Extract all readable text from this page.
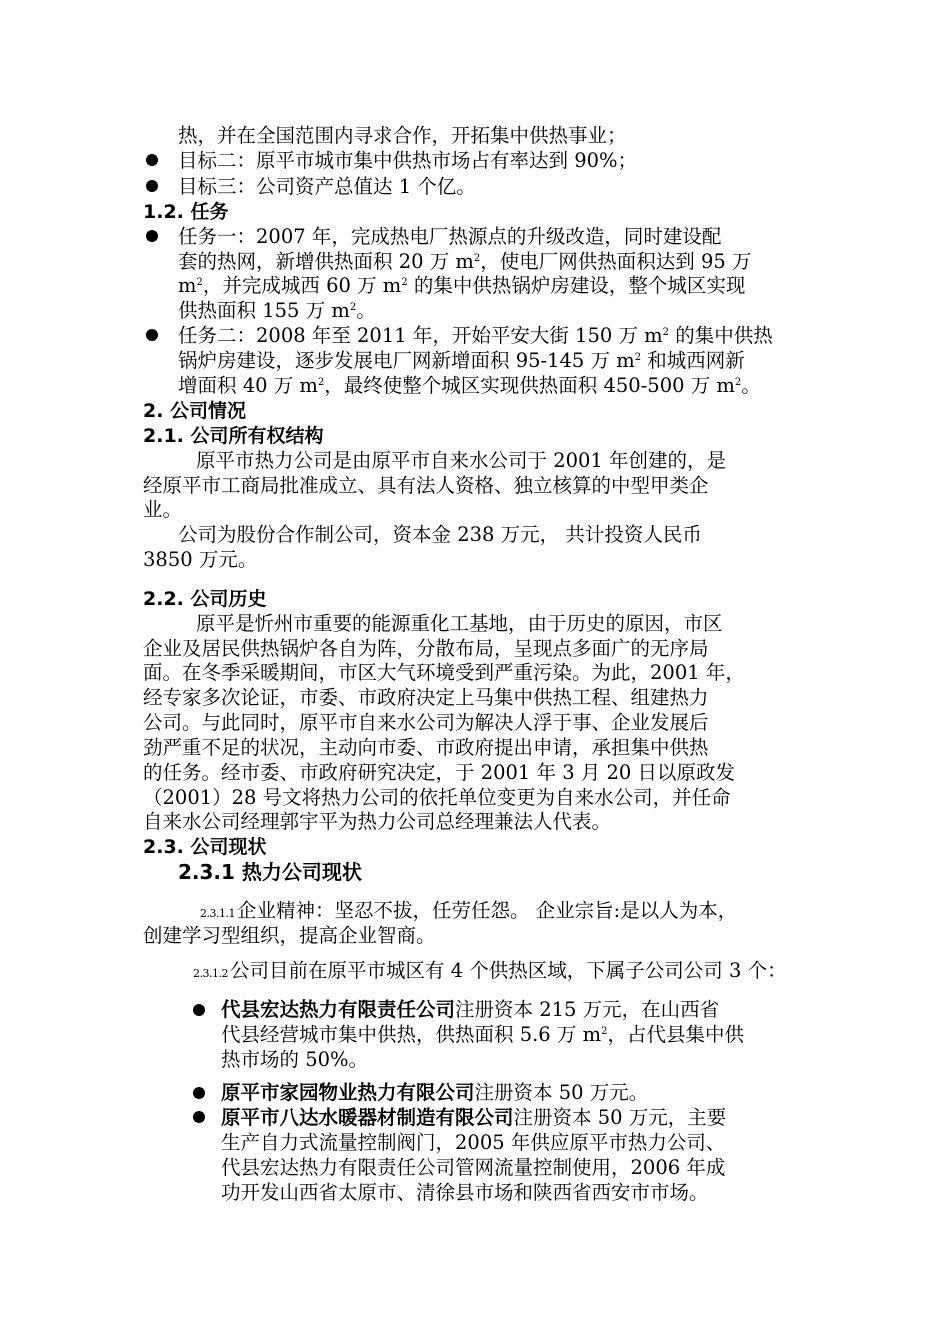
热，并在全国范围内寻求合作，开拓集中供热事业；
目标二：原平市城市集中供热市场占有率达到 90%；
目标三：公司资产总值达 1 个亿。
1.2. 任务
任务一：2007 年，完成热电厂热源点的升级改造，同时建设配
套的热网，新增供热面积 20 万 $m^2$，使电厂网供热面积达到 95 万
$m^2$，并完成城西 60 万 $m^2$ 的集中供热锅炉房建设，整个城区实现
供热面积 155 万 $m^2$。
任务二：2008 年至 2011 年，开始平安大街 150 万 $m^2$ 的集中供热
锅炉房建设，逐步发展电厂网新增面积 95-145 万 $m^2$ 和城西网新
增面积 40 万 $m^2$，最终使整个城区实现供热面积 450-500 万 $m^2$。
2. 公司情况
2.1. 公司所有权结构
原平市热力公司是由原平市自来水公司于 2001 年创建的，是
经原平市工商局批准成立、具有法人资格、独立核算的中型甲类企
业。
公司为股份合作制公司，资本金 238 万元， 共计投资人民币
3850 万元。
2.2. 公司历史
原平是忻州市重要的能源重化工基地，由于历史的原因，市区
企业及居民供热锅炉各自为阵，分散布局，呈现点多面广的无序局
面。在冬季采暖期间，市区大气环境受到严重污染。为此，2001 年，
经专家多次论证，市委、市政府决定上马集中供热工程、组建热力
公司。与此同时，原平市自来水公司为解决人浮于事、企业发展后
劲严重不足的状况，主动向市委、市政府提出申请，承担集中供热
的任务。经市委、市政府研究决定，于 2001 年 3 月 20 日以原政发
（2001）28 号文将热力公司的依托单位变更为自来水公司，并任命
自来水公司经理郭宇平为热力公司总经理兼法人代表。
2.3. 公司现状
2.3.1 热力公司现状
2.3.1.1 企业精神：坚忍不拔，任劳任怨。 企业宗旨:是以人为本，
创建学习型组织，提高企业智商。
2.3.1.2 公司目前在原平市城区有 4 个供热区域，下属子公司公司 3 个：
代县宏达热力有限责任公司注册资本 215 万元，在山西省
代县经营城市集中供热，供热面积 5.6 万 $m^2$，占代县集中供
热市场的 50%。
原平市家园物业热力有限公司注册资本 50 万元。
原平市八达水暖器材制造有限公司注册资本 50 万元，主要
生产自力式流量控制阀门，2005 年供应原平市热力公司、
代县宏达热力有限责任公司管网流量控制使用，2006 年成
功开发山西省太原市、清徐县市场和陕西省西安市市场。
